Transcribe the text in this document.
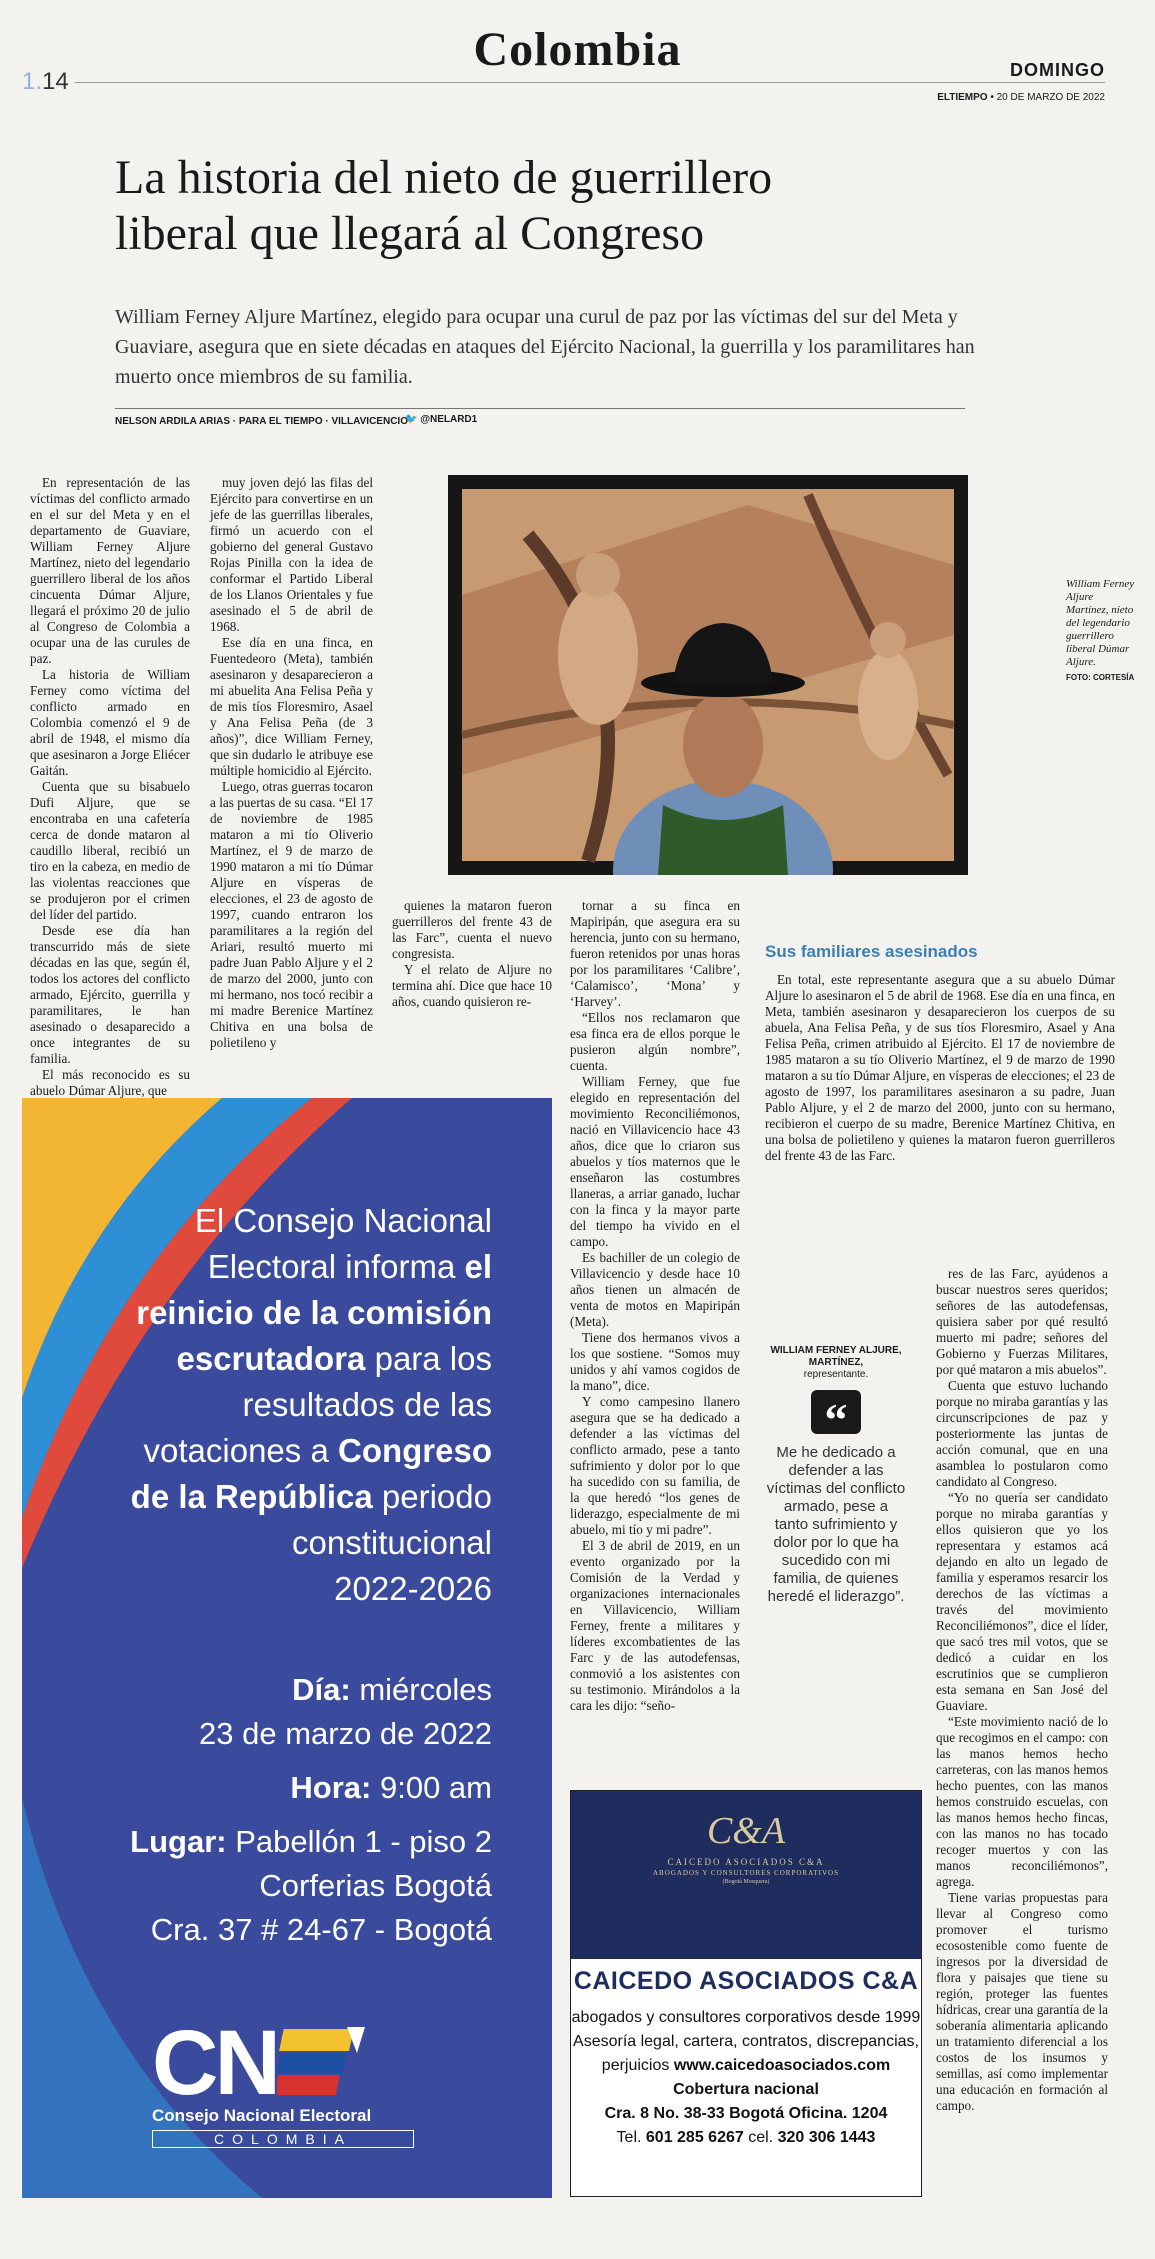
Colombia
1.14	DOMINGO
ELTIEMPO • 20 DE MARZO DE 2022
La historia del nieto de guerrillero
liberal que llegará al Congreso
William Ferney Aljure Martínez, elegido para ocupar una curul de paz por las víctimas del sur del Meta y Guaviare, asegura que en siete décadas en ataques del Ejército Nacional, la guerrilla y los paramilitares han muerto once miembros de su familia.
NELSON ARDILA ARIAS · PARA EL TIEMPO · VILLAVICENCIO
🐦 @NELARD1

En representación de las víctimas del conflicto armado en el sur del Meta y en el departamento de Guaviare, William Ferney Aljure Martínez, nieto del legendario guerrillero liberal de los años cincuenta Dúmar Aljure, llegará el próximo 20 de julio al Congreso de Colombia a ocupar una de las curules de paz.

La historia de William Ferney como víctima del conflicto armado en Colombia comenzó el 9 de abril de 1948, el mismo día que asesinaron a Jorge Eliécer Gaitán.

Cuenta que su bisabuelo Dufi Aljure, que se encontraba en una cafetería cerca de donde mataron al caudillo liberal, recibió un tiro en la cabeza, en medio de las violentas reacciones que se produjeron por el crimen del líder del partido.

Desde ese día han transcurrido más de siete décadas en las que, según él, todos los actores del conflicto armado, Ejército, guerrilla y paramilitares, le han asesinado o desaparecido a once integrantes de su familia.

El más reconocido es su abuelo Dúmar Aljure, que

muy joven dejó las filas del Ejército para convertirse en un jefe de las guerrillas liberales, firmó un acuerdo con el gobierno del general Gustavo Rojas Pinilla con la idea de conformar el Partido Liberal de los Llanos Orientales y fue asesinado el 5 de abril de 1968.

Ese día en una finca, en Fuentedeoro (Meta), también asesinaron y desaparecieron a mi abuelita Ana Felisa Peña y de mis tíos Floresmiro, Asael y Ana Felisa Peña (de 3 años)”, dice William Ferney, que sin dudarlo le atribuye ese múltiple homicidio al Ejército.

Luego, otras guerras tocaron a las puertas de su casa. “El 17 de noviembre de 1985 mataron a mi tío Oliverio Martínez, el 9 de marzo de 1990 mataron a mi tío Dúmar Aljure en vísperas de elecciones, el 23 de agosto de 1997, cuando entraron los paramilitares a la región del Ariari, resultó muerto mi padre Juan Pablo Aljure y el 2 de marzo del 2000, junto con mi hermano, nos tocó recibir a mi madre Berenice Martínez Chitiva en una bolsa de polietileno y

William Ferney Aljure Martínez, nieto del legendario guerrillero liberal Dúmar Aljure.
FOTO: CORTESÍA

quienes la mataron fueron guerrilleros del frente 43 de las Farc”, cuenta el nuevo congresista.

Y el relato de Aljure no termina ahí. Dice que hace 10 años, cuando quisieron re-

tornar a su finca en Mapiripán, que asegura era su herencia, junto con su hermano, fueron retenidos por unas horas por los paramilitares ‘Calibre’, ‘Calamisco’, ‘Mona’ y ‘Harvey’.

“Ellos nos reclamaron que esa finca era de ellos porque le pusieron algún nombre”, cuenta.

William Ferney, que fue elegido en representación del movimiento Reconciliémonos, nació en Villavicencio hace 43 años, dice que lo criaron sus abuelos y tíos maternos que le enseñaron las costumbres llaneras, a arriar ganado, luchar con la finca y la mayor parte del tiempo ha vivido en el campo.

Es bachiller de un colegio de Villavicencio y desde hace 10 años tienen un almacén de venta de motos en Mapiripán (Meta).

Tiene dos hermanos vivos a los que sostiene. “Somos muy unidos y ahí vamos cogidos de la mano”, dice.

Y como campesino llanero asegura que se ha dedicado a defender a las víctimas del conflicto armado, pese a tanto sufrimiento y dolor por lo que ha sucedido con su familia, de la que heredó “los genes de liderazgo, especialmente de mi abuelo, mi tío y mi padre”.

El 3 de abril de 2019, en un evento organizado por la Comisión de la Verdad y organizaciones internacionales en Villavicencio, William Ferney, frente a militares y líderes excombatientes de las Farc y de las autodefensas, conmovió a los asistentes con su testimonio. Mirándolos a la cara les dijo: “seño-

Sus familiares asesinados

En total, este representante asegura que a su abuelo Dúmar Aljure lo asesinaron el 5 de abril de 1968. Ese día en una finca, en Meta, también asesinaron y desaparecieron los cuerpos de su abuela, Ana Felisa Peña, y de sus tíos Floresmiro, Asael y Ana Felisa Peña, crimen atribuido al Ejército. El 17 de noviembre de 1985 mataron a su tío Oliverio Martínez, el 9 de marzo de 1990 mataron a su tío Dúmar Aljure, en vísperas de elecciones; el 23 de agosto de 1997, los paramilitares asesinaron a su padre, Juan Pablo Aljure, y el 2 de marzo del 2000, junto con su hermano, recibieron el cuerpo de su madre, Berenice Martínez Chitiva, en una bolsa de polietileno y quienes la mataron fueron guerrilleros del frente 43 de las Farc.

WILLIAM FERNEY ALJURE, MARTÍNEZ,
representante.
“
Me he dedicado a defender a las víctimas del conflicto armado, pese a tanto sufrimiento y dolor por lo que ha sucedido con mi familia, de quienes heredé el liderazgo”.

res de las Farc, ayúdenos a buscar nuestros seres queridos; señores de las autodefensas, quisiera saber por qué resultó muerto mi padre; señores del Gobierno y Fuerzas Militares, por qué mataron a mis abuelos”.

Cuenta que estuvo luchando porque no miraba garantías y las circunscripciones de paz y posteriormente las juntas de acción comunal, que en una asamblea lo postularon como candidato al Congreso.

“Yo no quería ser candidato porque no miraba garantías y ellos quisieron que yo los representara y estamos acá dejando en alto un legado de familia y esperamos resarcir los derechos de las víctimas a través del movimiento Reconciliémonos”, dice el líder, que sacó tres mil votos, que se dedicó a cuidar en los escrutinios que se cumplieron esta semana en San José del Guaviare.

“Este movimiento nació de lo que recogimos en el campo: con las manos hemos hecho carreteras, con las manos hemos hecho puentes, con las manos hemos construido escuelas, con las manos hemos hecho fincas, con las manos no has tocado recoger muertos y con las manos reconciliémonos”, agrega.

Tiene varias propuestas para llevar al Congreso como promover el turismo ecosostenible como fuente de ingresos por la diversidad de flora y paisajes que tiene su región, proteger las fuentes hídricas, crear una garantía de la soberanía alimentaria aplicando un tratamiento diferencial a los costos de los insumos y semillas, así como implementar una educación en formación al campo.

El Consejo Nacional
Electoral informa el
reinicio de la comisión
escrutadora para los
resultados de las
votaciones a Congreso
de la República periodo
constitucional
2022-2026
Día: miércoles
23 de marzo de 2022
Hora: 9:00 am
Lugar: Pabellón 1 - piso 2
Corferias Bogotá
Cra. 37 # 24-67 - Bogotá
CN
Consejo Nacional Electoral
COLOMBIA
C&A
CAICEDO ASOCIADOS C&A
ABOGADOS Y CONSULTORES CORPORATIVOS
(Bogotá Mosquera)
CAICEDO ASOCIADOS C&A
abogados y consultores corporativos desde 1999
Asesoría legal, cartera, contratos, discrepancias,
perjuicios www.caicedoasociados.com
Cobertura nacional
Cra. 8 No. 38-33 Bogotá Oficina. 1204
Tel. 601 285 6267 cel. 320 306 1443
